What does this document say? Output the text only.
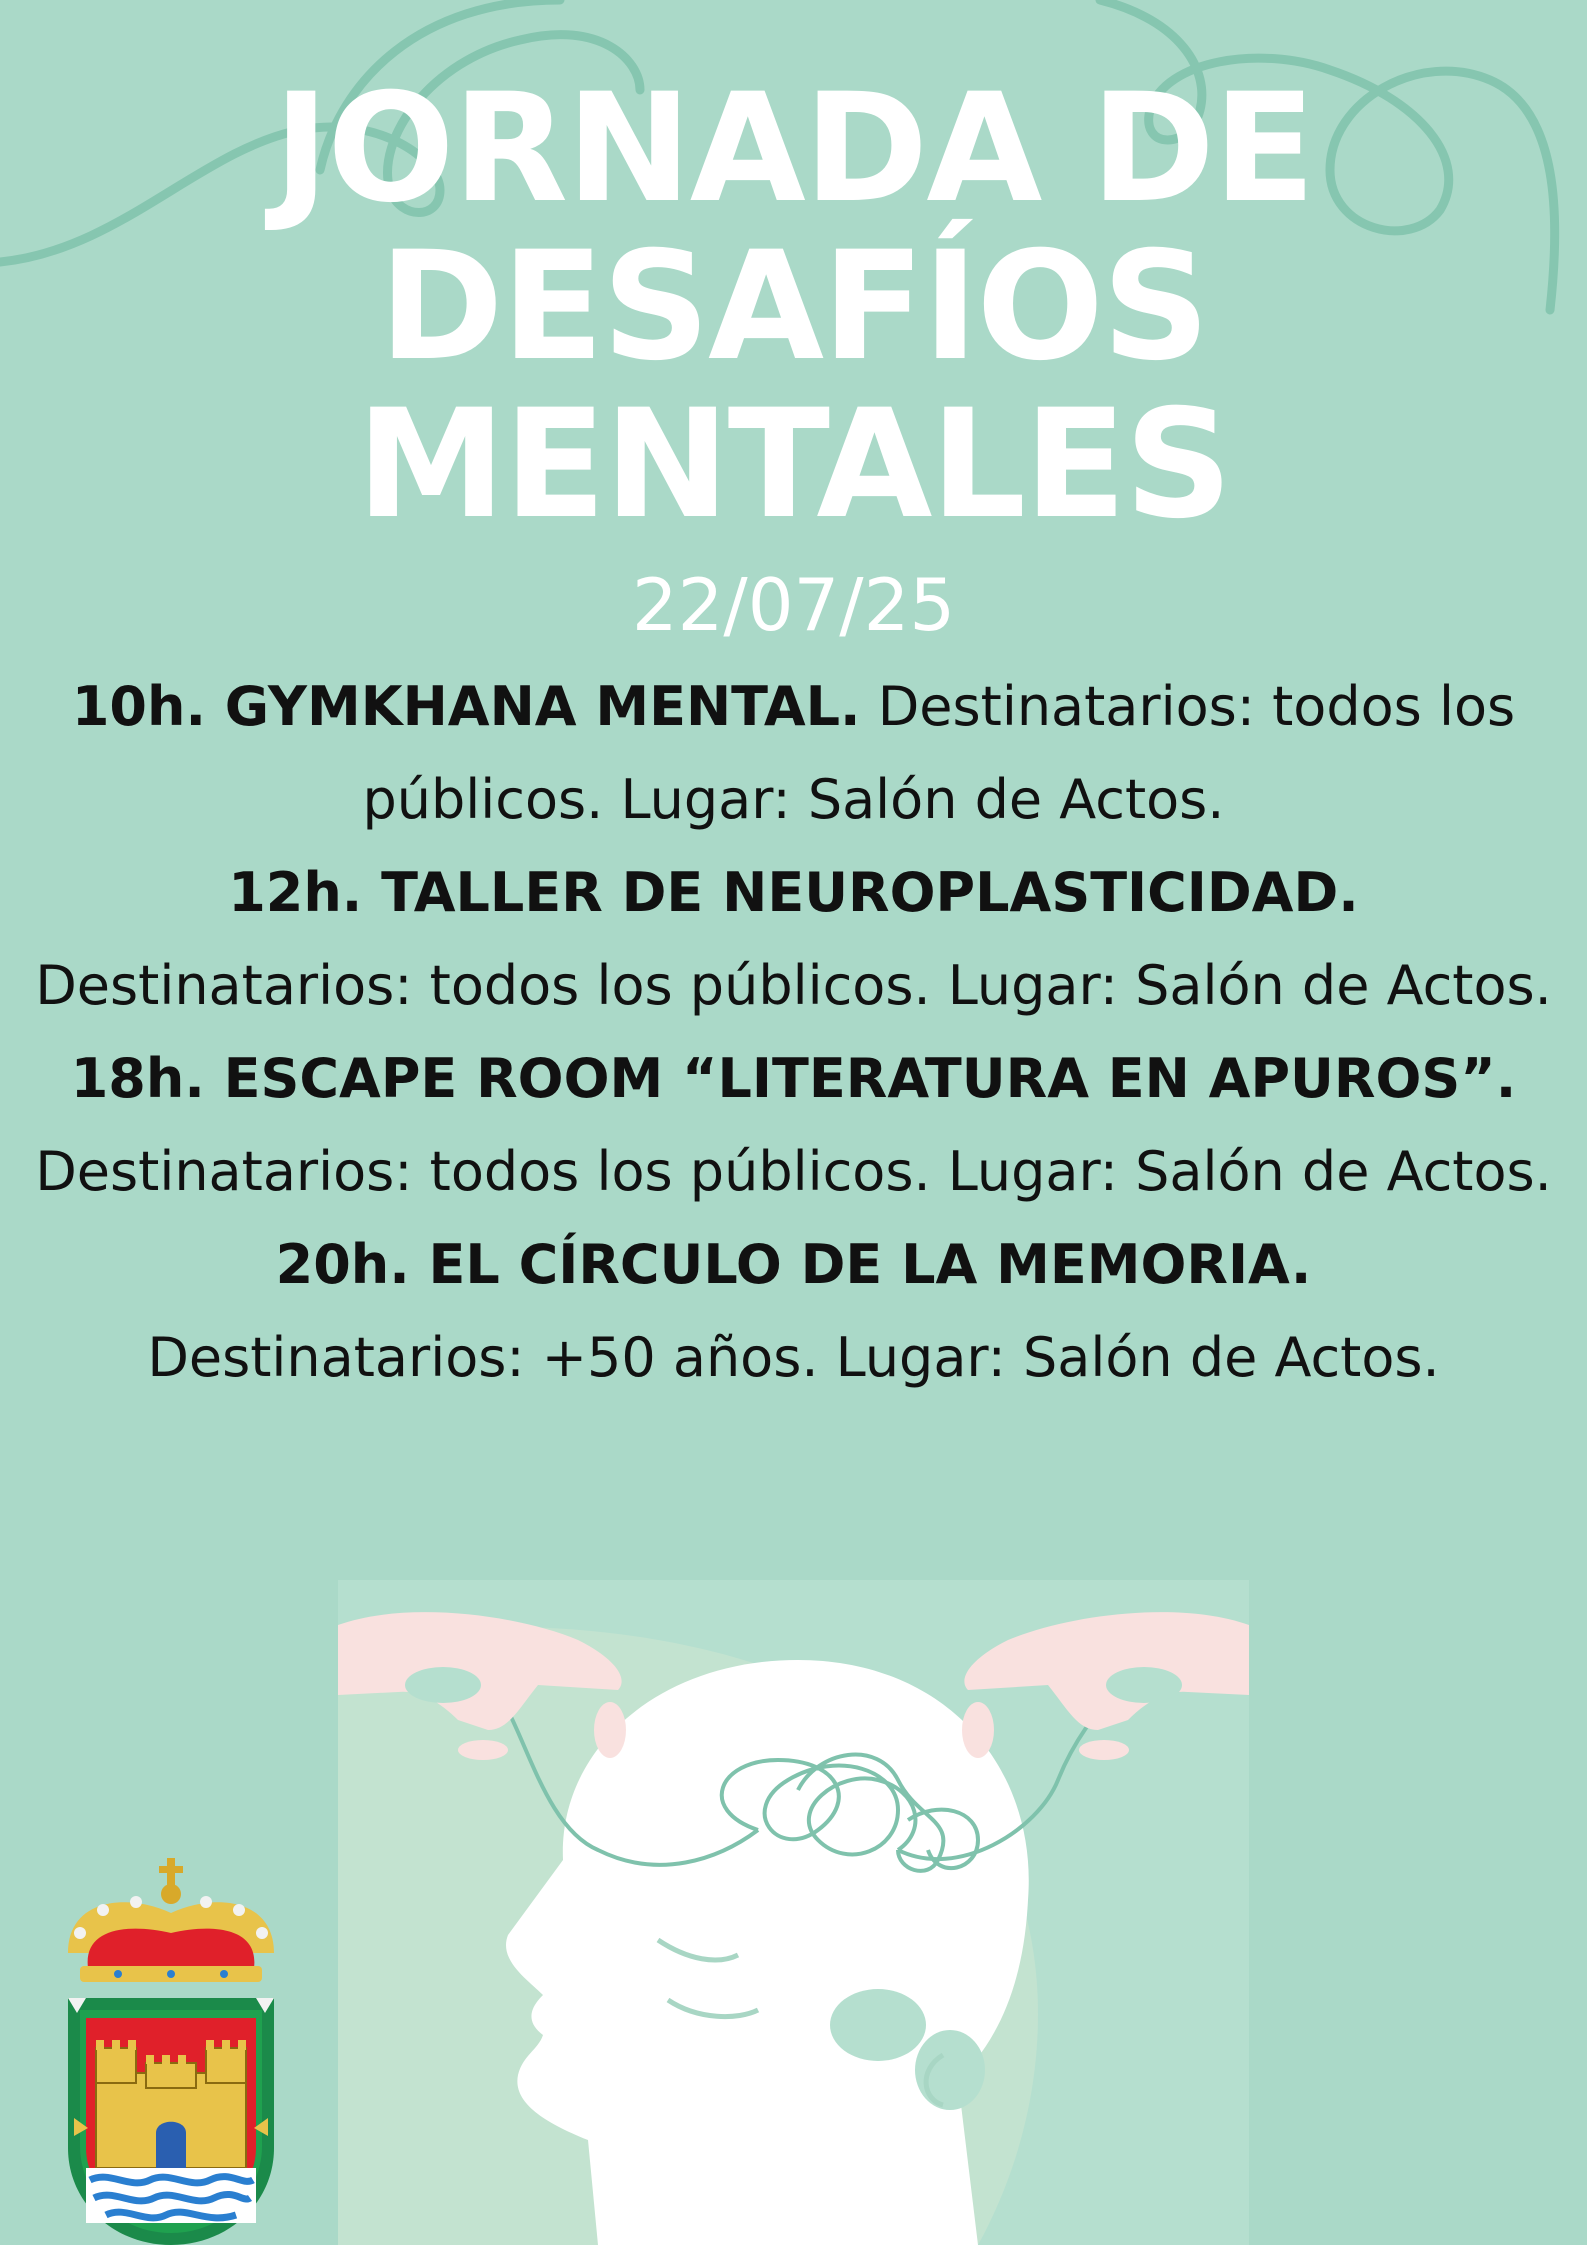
JORNADA DE
DESAFÍOS
MENTALES
22/07/25
10h. GYMKHANA MENTAL. Destinatarios: todos los públicos. Lugar: Salón de Actos.
12h. TALLER DE NEUROPLASTICIDAD.
Destinatarios: todos los públicos. Lugar: Salón de Actos.
18h. ESCAPE ROOM “LITERATURA EN APUROS”.
Destinatarios: todos los públicos. Lugar: Salón de Actos.
20h. EL CÍRCULO DE LA MEMORIA.
Destinatarios: +50 años. Lugar: Salón de Actos.
